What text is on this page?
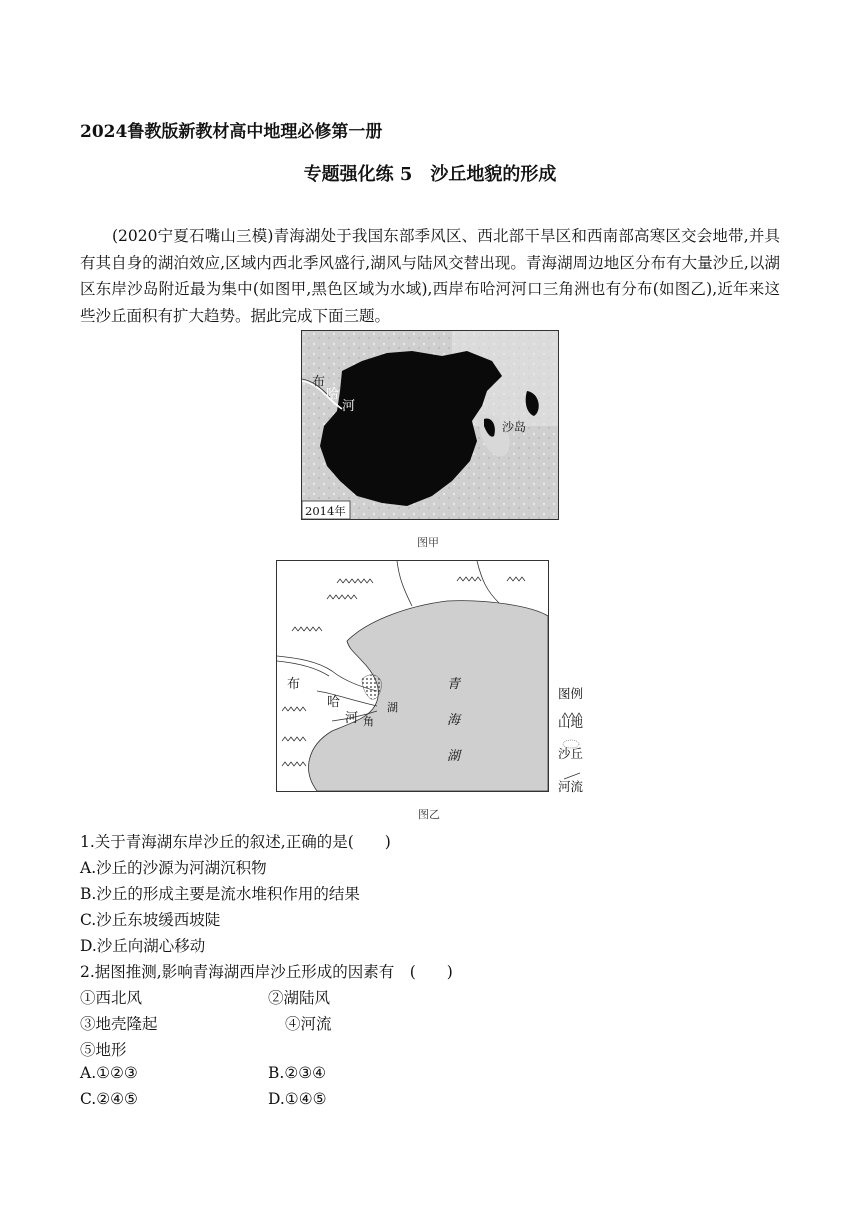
2024鲁教版新教材高中地理必修第一册
专题强化练 5　沙丘地貌的形成

(2020宁夏石嘴山三模)青海湖处于我国东部季风区、西北部干旱区和西南部高寒区交会地带,并具有其自身的湖泊效应,区域内西北季风盛行,湖风与陆风交替出现。青海湖周边地区分布有大量沙丘,以湖区东岸沙岛附近最为集中(如图甲,黑色区域为水域),西岸布哈河河口三角洲也有分布(如图乙),近年来这些沙丘面积有扩大趋势。据此完成下面三题。

布
哈
河
沙岛
2014年
图甲
布
哈
河
湖
角
青
海
湖
图例
山地
沙丘
河流
图乙
1.关于青海湖东岸沙丘的叙述,正确的是(　　)
A.沙丘的沙源为河湖沉积物
B.沙丘的形成主要是流水堆积作用的结果
C.沙丘东坡缓西坡陡
D.沙丘向湖心移动
2.据图推测,影响青海湖西岸沙丘形成的因素有　(　　)
①西北风	②湖陆风
③地壳隆起	④河流
⑤地形
A.①②③	B.②③④
C.②④⑤	D.①④⑤
